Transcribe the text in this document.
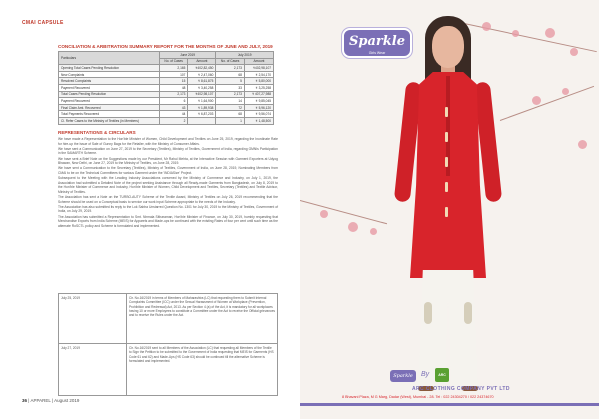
CMAI CAPSULE
CONCILIATION & ARBITRATION SUMMARY REPORT FOR THE MONTHS OF JUNE AND JULY, 2019
Particulars	June 2019		July 2019	
	No. of Cases	Amount	No. of Cases	Amount
Opening Total Cases Pending Resolution	2,165	₹402,82,450	2,173	₹402,98,107
New Complaints	107	₹ 2,47,060	68	₹ 2,54,170
Resolved Complaints	15	₹ 8,61,875	5	₹ 5,80,000
Payment Recovered	48	₹ 3,40,258	33	₹ 3,25,258
Total Cases Pending Resolution	2,173	₹402,98,107	2,173	₹ 407,27,988
Payment Recovered	6	₹ 1,64,900	14	₹ 9,85,045
Final Claim Amt. Recovered	43	₹ 1,89,938	72	₹ 5,96,120
Total Payments Recovered	44	₹ 6,87,203	68	₹ 9,56,074
Cl. Refer Cases to the Ministry of Textiles (in Members)	2		1	₹ 1,48,500
REPRESENTATIONS & CIRCULARS

We have made a Representation to the Hon'ble Minister of Women, Child Development and Textiles on June 25, 2019, regarding the Inordinate Rate for hire-up the Issue of Sale of Gunny Bags for the Retailer, with the Ministry of Consumer Affairs.

We have sent a Communication on June 27, 2019 to the Secretary (Textiles), Ministry of Textiles, Government of India, regarding GMNIs Participation in the SAMARTH Scheme.

We have sent a Brief Note on the Suggestions made by our President, Mr Rahul Mehta, at the Interactive Session with Garment Exporters at Udyog Bhawan, New Delhi, on June 27, 2019 to the Ministry of Textiles, on June 28, 2019.

We have sent a Communication to the Secretary (Textiles), Ministry of Textiles, Government of India, on June 28, 2019, Nominating Members from CMAI to be on the Technical Committees for various Garment under the 'INDIASize' Project.

Subsequent to the Meeting with the Leading Industry Associations convened by the Ministry of Commerce and Industry, on July 1, 2019, the Association had submitted a Detailed Note of the project seeking Assistance through all Ready-made Garments from Bangladesh, on July 8, 2019 to the Hon'ble Minister of Commerce and Industry, Hon'ble Minister of Women, Child Development and Textiles, Secretary (Textiles) and Textile Advisor, Ministry of Textiles.

The Association has sent a Note on the TURBO-AUTY Scheme of the Textile Award, Ministry of Textiles on July 26, 2019 recommending that the Scheme should be used on a Conceptual basis to service our work input Scheme appropriate to the needs of the Industry.

The Association has also submitted its reply to the Lok Sabha Unstarred Question No. 1301 for July 30, 2019 to the Ministry of Textiles, Government of India, on July 29, 2019.

The Association has submitted a Representation to Smt. Nirmala Sitharaman, Hon'ble Minister of Finance, on July 30, 2019, humbly requesting that Merchandise Exports from India Scheme (MEIS) for Apparels and Made-ups be continued with the existing Rates of four per cent until such time as the alternate RoSCTL policy and Scheme is formulated and implemented.

July 25, 2019	Cir. No.16/2019 in terms of Members of Maharashtra (LC) that requesting them to Submit Internal Complaints Committee (ICC) under the Sexual Harassment of Women at Workplace (Prevention, Prohibition and Redressal) Act, 2013. As per Section 4 (a) of the Act, it is mandatory for all workplaces having 10 or more Employees to constitute a Committee under the Act to receive the Official grievances and to receive the Rules under the Act.
July 27, 2019	Cir. No.16/2019 sent to all Members of the Association (LC) that requesting all Members of the Textile to Sign the Petition to be submitted to the Government of India requesting that MEIS for Garments (HS Code 61 and 62) and Made-Ups (HS Code 63) should be continued till the alternative Scheme is formulated and implemented.
36 | APPAREL | August 2019
Sparkle
Girls Wear
Sparkle	By	ARC
ARC CLOTHING COMPANY PVT LTD
8 Bhavani Plaza, M G Marg, Dadar (West), Mumbai - 28. Tel : 022 24304270 / 022 24374670
